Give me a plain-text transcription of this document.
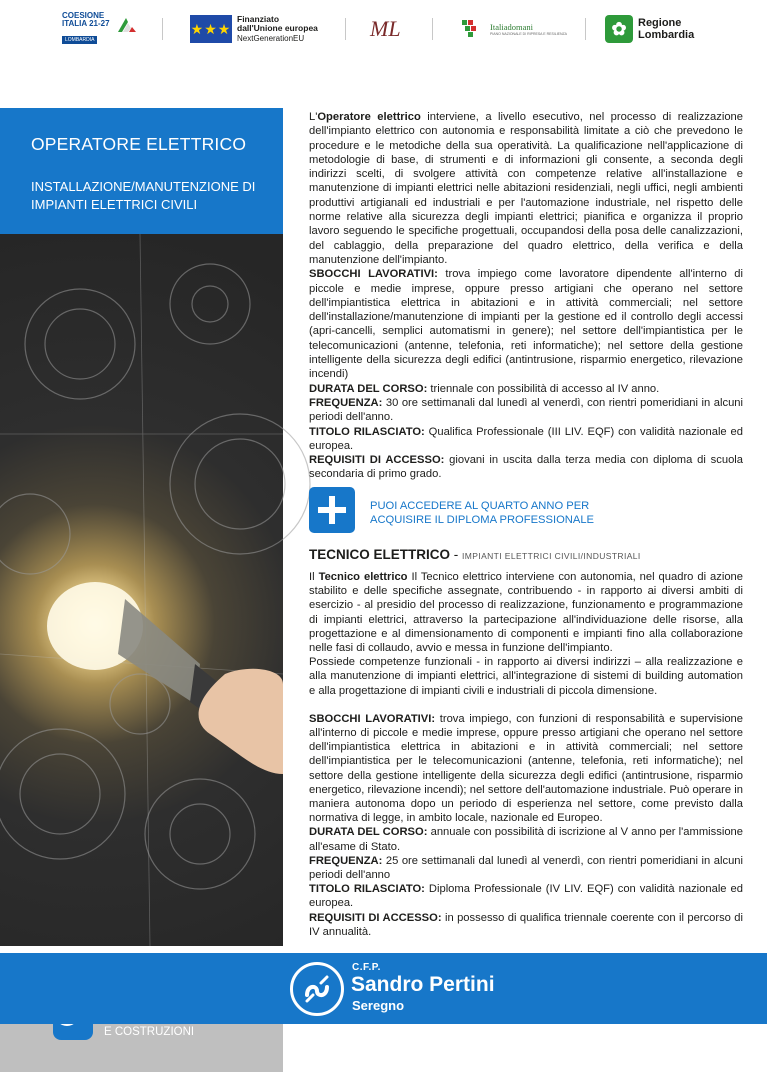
COESIONE
ITALIA 21-27
LOMBARDIA
★★★
Finanziato
dall'Unione europea
NextGenerationEU	ML	Italiadomani
PIANO NAZIONALE DI RIPRESA E RESILIENZA	✿	Regione
Lombardia
OPERATORE ELETTRICO
INSTALLAZIONE/MANUTENZIONE DI IMPIANTI ELETTRICI CIVILI
E COSTRUZIONI

L'Operatore elettrico interviene, a livello esecutivo, nel processo di realizzazione dell'impianto elettrico con autonomia e responsabilità limitate a ciò che prevedono le procedure e le metodiche della sua operatività. La qualificazione nell'applicazione di metodologie di base, di strumenti e di informazioni gli consente, a seconda degli indirizzi scelti, di svolgere attività con competenze relative all'installazione e manutenzione di impianti elettrici nelle abitazioni residenziali, negli uffici, negli ambienti produttivi artigianali ed industriali e per l'automazione industriale, nel rispetto delle norme relative alla sicurezza degli impianti elettrici; pianifica e organizza il proprio lavoro seguendo le specifiche progettuali, occupandosi della posa delle canalizzazioni, del cablaggio, della preparazione del quadro elettrico, della verifica e della manutenzione dell'impianto.

SBOCCHI LAVORATIVI: trova impiego come lavoratore dipendente all'interno di piccole e medie imprese, oppure presso artigiani che operano nel settore dell'impiantistica elettrica in abitazioni e in attività commerciali; nel settore dell'installazione/manutenzione di impianti per la gestione ed il controllo degli accessi (apri-cancelli, semplici automatismi in genere); nel settore dell'impiantistica per le telecomunicazioni (antenne, telefonia, reti informatiche); nel settore della gestione intelligente della sicurezza degli edifici (antintrusione, risparmio energetico, rilevazione incendi)

DURATA DEL CORSO: triennale con possibilità di accesso al IV anno.

FREQUENZA: 30 ore settimanali dal lunedì al venerdì, con rientri pomeridiani in alcuni periodi dell'anno.

TITOLO RILASCIATO: Qualifica Professionale (III LIV. EQF) con validità nazionale ed europea.

REQUISITI DI ACCESSO: giovani in uscita dalla terza media con diploma di scuola secondaria di primo grado.

PUOI ACCEDERE AL QUARTO ANNO PER
ACQUISIRE IL DIPLOMA PROFESSIONALE
TECNICO ELETTRICO - IMPIANTI ELETTRICI CIVILI/INDUSTRIALI

Il Tecnico elettrico Il Tecnico elettrico interviene con autonomia, nel quadro di azione stabilito e delle specifiche assegnate, contribuendo - in rapporto ai diversi ambiti di esercizio - al presidio del processo di realizzazione, funzionamento e programmazione di impianti elettrici, attraverso la partecipazione all'individuazione delle risorse, alla progettazione e al dimensionamento di componenti e impianti fino alla collaborazione nelle fasi di collaudo, avvio e messa in funzione dell'impianto.

Possiede competenze funzionali - in rapporto ai diversi indirizzi – alla realizzazione e alla manutenzione di impianti elettrici, all'integrazione di sistemi di building automation e alla progettazione di impianti civili e industriali di piccola dimensione.

SBOCCHI LAVORATIVI: trova impiego, con funzioni di responsabilità e supervisione all'interno di piccole e medie imprese, oppure presso artigiani che operano nel settore dell'impiantistica elettrica in abitazioni e in attività commerciali; nel settore dell'impiantistica per le telecomunicazioni (antenne, telefonia, reti informatiche); nel settore della gestione intelligente della sicurezza degli edifici (antintrusione, risparmio energetico, rilevazione incendi); nel settore dell'automazione industriale. Può operare in maniera autonoma dopo un periodo di esperienza nel settore, come previsto dalla normativa di legge, in ambito locale, nazionale ed Europeo.

DURATA DEL CORSO: annuale con possibilità di iscrizione al V anno per l'ammissione all'esame di Stato.

FREQUENZA: 25 ore settimanali dal lunedì al venerdì, con rientri pomeridiani in alcuni periodi dell'anno

TITOLO RILASCIATO: Diploma Professionale (IV LIV. EQF) con validità nazionale ed europea.

REQUISITI DI ACCESSO: in possesso di qualifica triennale coerente con il percorso di IV annualità.

C.F.P.
Sandro Pertini
Seregno
